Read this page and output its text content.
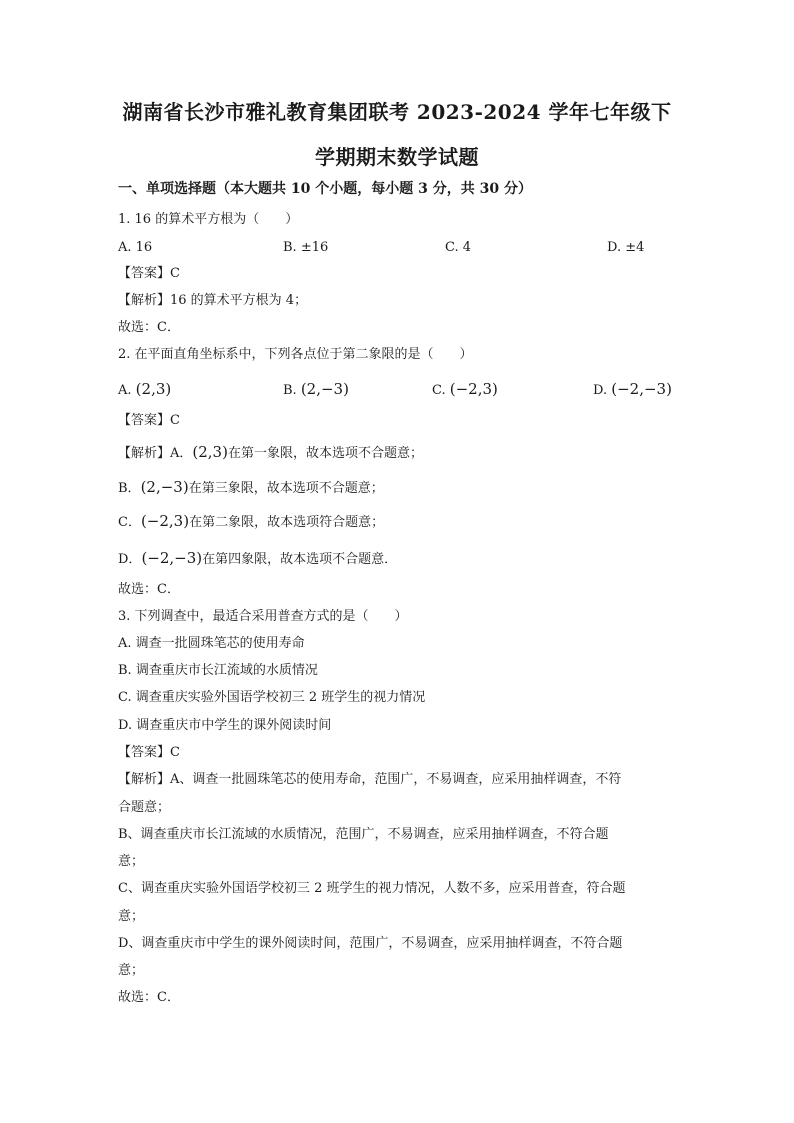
湖南省长沙市雅礼教育集团联考 2023-2024 学年七年级下
学期期末数学试题
一、单项选择题（本大题共 10 个小题，每小题 3 分，共 30 分）
1. 16 的算术平方根为（　　）
A. 16	B. ±16	C. 4	D. ±4
【答案】C
【解析】16 的算术平方根为 4；
故选：C．
2. 在平面直角坐标系中，下列各点位于第二象限的是（　　）
A. (2,3)	B. (2,−3)	C. (−2,3)	D. (−2,−3)
【答案】C
【解析】A．(2,3)在第一象限，故本选项不合题意；
B．(2,−3)在第三象限，故本选项不合题意；
C．(−2,3)在第二象限，故本选项符合题意；
D．(−2,−3)在第四象限，故本选项不合题意．
故选：C．
3. 下列调查中，最适合采用普查方式的是（　　）
A. 调查一批圆珠笔芯的使用寿命
B. 调查重庆市长江流域的水质情况
C. 调查重庆实验外国语学校初三 2 班学生的视力情况
D. 调查重庆市中学生的课外阅读时间
【答案】C
【解析】A、调查一批圆珠笔芯的使用寿命，范围广，不易调查，应采用抽样调查，不符
合题意；
B、调查重庆市长江流域的水质情况，范围广，不易调查，应采用抽样调查，不符合题
意；
C、调查重庆实验外国语学校初三 2 班学生的视力情况，人数不多，应采用普查，符合题
意；
D、调查重庆市中学生的课外阅读时间，范围广，不易调查，应采用抽样调查，不符合题
意；
故选：C．
